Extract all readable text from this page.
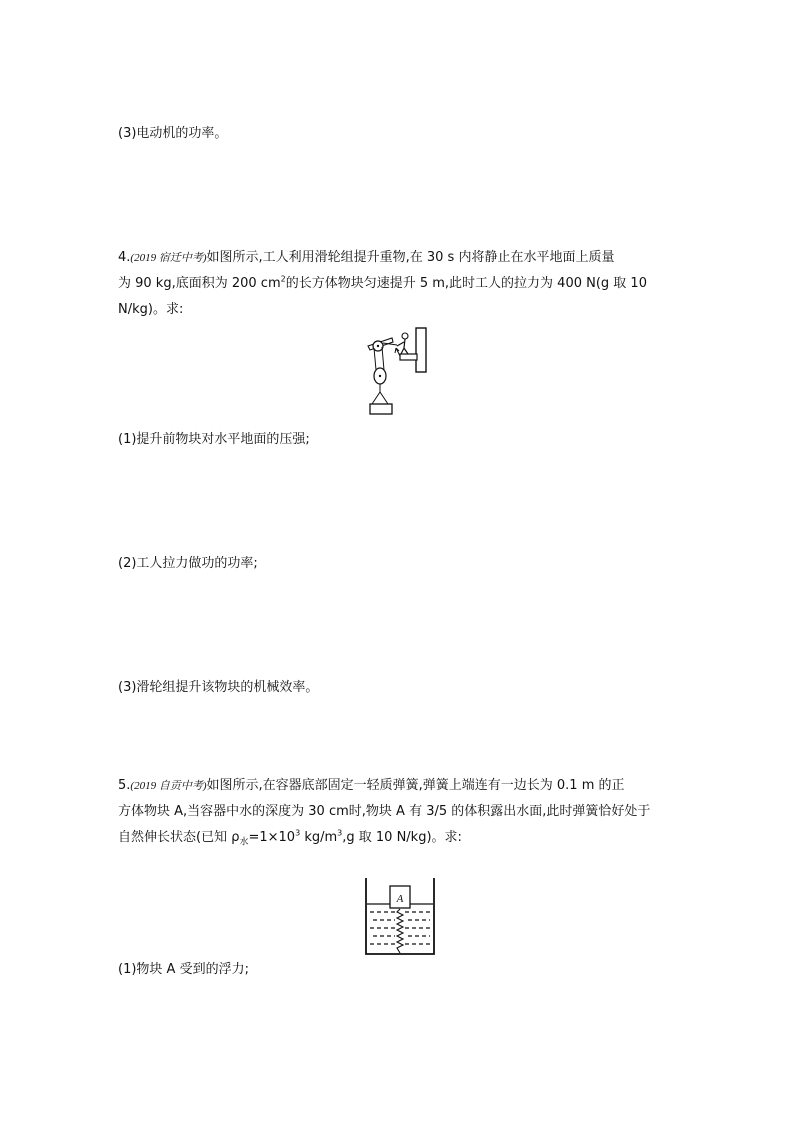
(3)电动机的功率。
4.(2019 宿迁中考)如图所示,工人利用滑轮组提升重物,在 30 s 内将静止在水平地面上质量
为 90 kg,底面积为 200 $cm^2$的长方体物块匀速提升 5 m,此时工人的拉力为 400 N(g 取 10
N/kg)。求:
(1)提升前物块对水平地面的压强;
(2)工人拉力做功的功率;
(3)滑轮组提升该物块的机械效率。
5.(2019 自贡中考)如图所示,在容器底部固定一轻质弹簧,弹簧上端连有一边长为 0.1 m 的正
方体物块 A,当容器中水的深度为 30 cm时,物块 A 有 3/5 的体积露出水面,此时弹簧恰好处于
自然伸长状态(已知 $\rho_水=1\times 10^3$ $kg/m^3,g$ 取 10 N/kg)。求:
A
(1)物块 A 受到的浮力;
